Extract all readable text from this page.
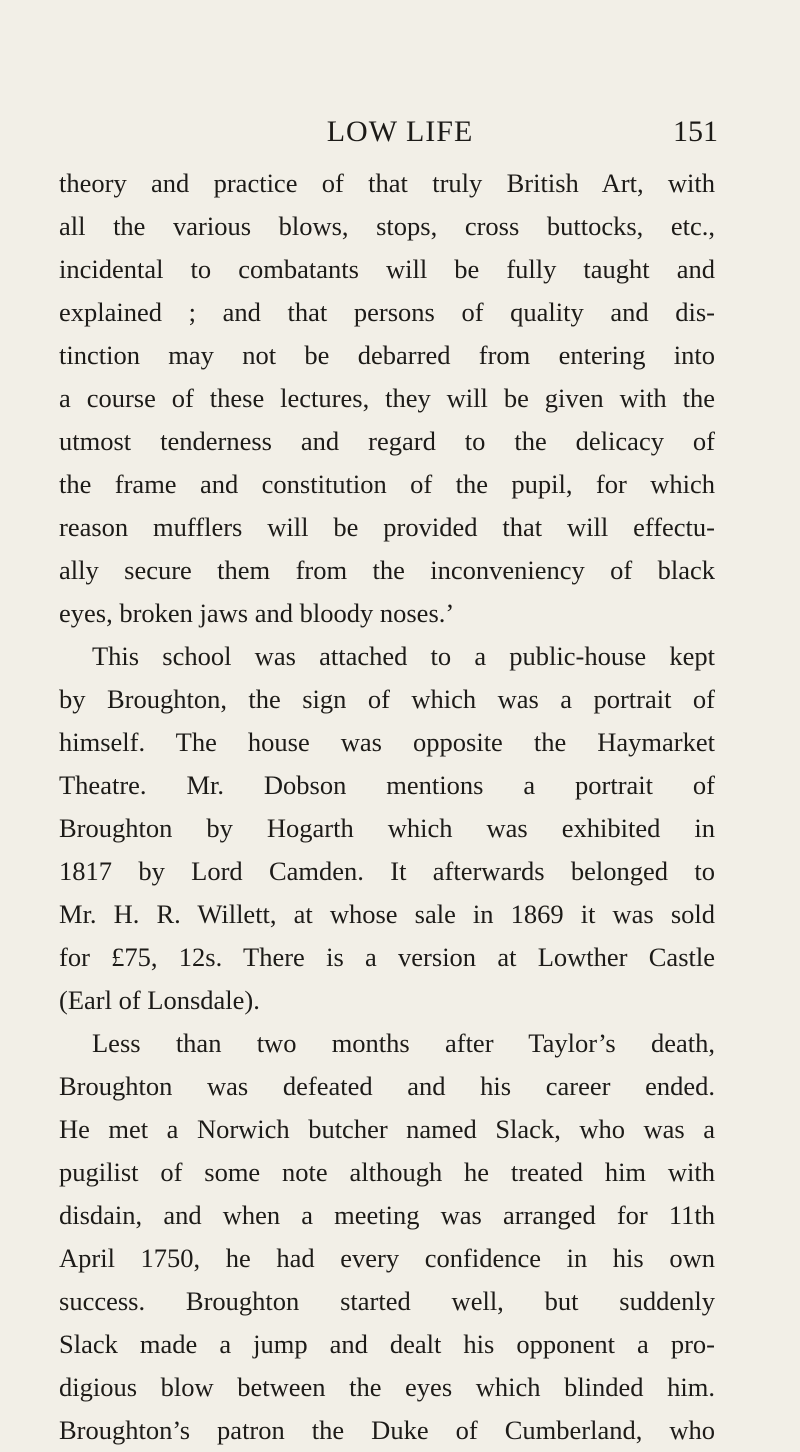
LOW LIFE	151
theory and practice of that truly British Art, with
all the various blows, stops, cross buttocks, etc.,
incidental to combatants will be fully taught and
explained ; and that persons of quality and dis-
tinction may not be debarred from entering into
a course of these lectures, they will be given with the
utmost tenderness and regard to the delicacy of
the frame and constitution of the pupil, for which
reason mufflers will be provided that will effectu-
ally secure them from the inconveniency of black
eyes, broken jaws and bloody noses.’
This school was attached to a public-house kept
by Broughton, the sign of which was a portrait of
himself. The house was opposite the Haymarket
Theatre. Mr. Dobson mentions a portrait of
Broughton by Hogarth which was exhibited in
1817 by Lord Camden. It afterwards belonged to
Mr. H. R. Willett, at whose sale in 1869 it was sold
for £75, 12s. There is a version at Lowther Castle
(Earl of Lonsdale).
Less than two months after Taylor’s death,
Broughton was defeated and his career ended.
He met a Norwich butcher named Slack, who was a
pugilist of some note although he treated him with
disdain, and when a meeting was arranged for 11th
April 1750, he had every confidence in his own
success. Broughton started well, but suddenly
Slack made a jump and dealt his opponent a pro-
digious blow between the eyes which blinded him.
Broughton’s patron the Duke of Cumberland, who
